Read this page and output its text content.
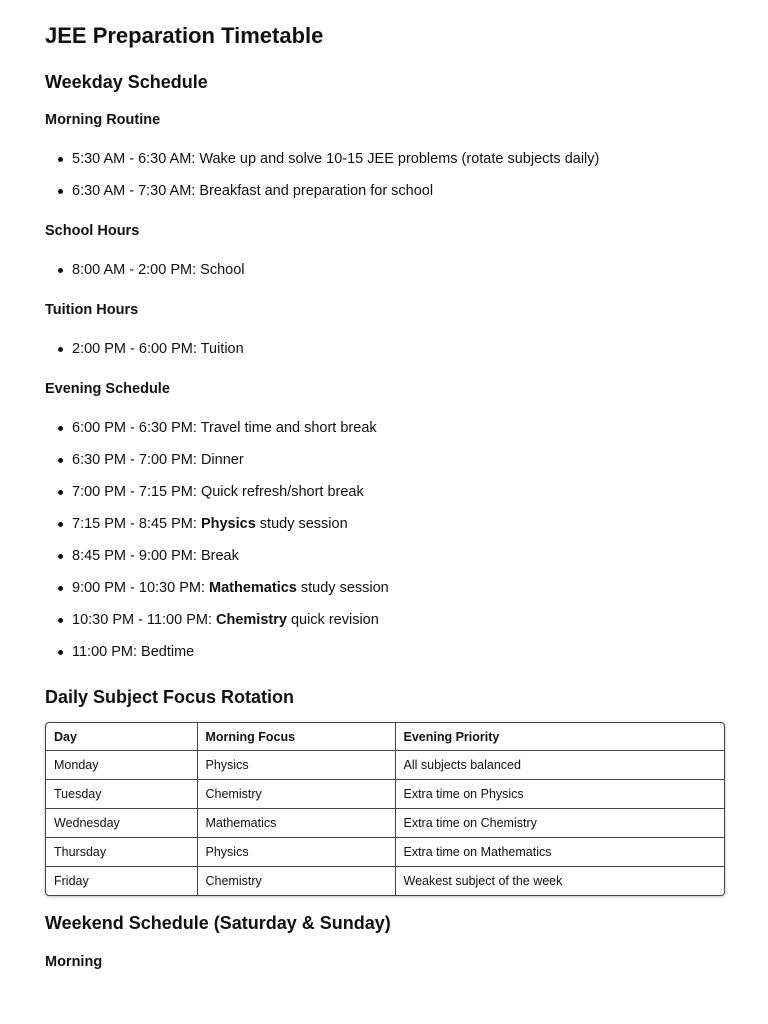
JEE Preparation Timetable
Weekday Schedule
Morning Routine
5:30 AM - 6:30 AM: Wake up and solve 10-15 JEE problems (rotate subjects daily)
6:30 AM - 7:30 AM: Breakfast and preparation for school
School Hours
8:00 AM - 2:00 PM: School
Tuition Hours
2:00 PM - 6:00 PM: Tuition
Evening Schedule
6:00 PM - 6:30 PM: Travel time and short break
6:30 PM - 7:00 PM: Dinner
7:00 PM - 7:15 PM: Quick refresh/short break
7:15 PM - 8:45 PM: Physics study session
8:45 PM - 9:00 PM: Break
9:00 PM - 10:30 PM: Mathematics study session
10:30 PM - 11:00 PM: Chemistry quick revision
11:00 PM: Bedtime
Daily Subject Focus Rotation
Day	Morning Focus	Evening Priority
Monday	Physics	All subjects balanced
Tuesday	Chemistry	Extra time on Physics
Wednesday	Mathematics	Extra time on Chemistry
Thursday	Physics	Extra time on Mathematics
Friday	Chemistry	Weakest subject of the week
Weekend Schedule (Saturday & Sunday)
Morning
